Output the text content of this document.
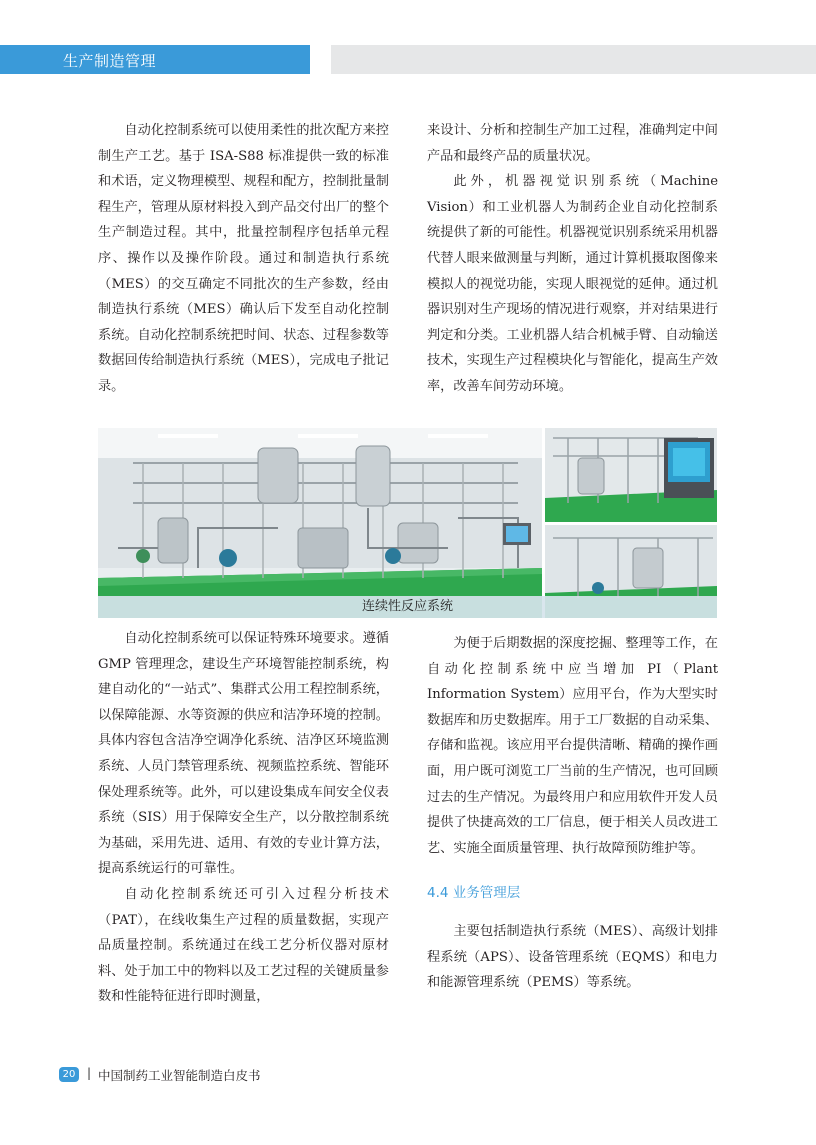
生产制造管理

自动化控制系统可以使用柔性的批次配方来控制生产工艺。基于 ISA-S88 标准提供一致的标准和术语，定义物理模型、规程和配方，控制批量制程生产，管理从原材料投入到产品交付出厂的整个生产制造过程。其中，批量控制程序包括单元程序、操作以及操作阶段。通过和制造执行系统（MES）的交互确定不同批次的生产参数，经由制造执行系统（MES）确认后下发至自动化控制系统。自动化控制系统把时间、状态、过程参数等数据回传给制造执行系统（MES），完成电子批记录。

来设计、分析和控制生产加工过程，准确判定中间产品和最终产品的质量状况。

此外，机器视觉识别系统（Machine Vision）和工业机器人为制药企业自动化控制系统提供了新的可能性。机器视觉识别系统采用机器代替人眼来做测量与判断，通过计算机摄取图像来模拟人的视觉功能，实现人眼视觉的延伸。通过机器识别对生产现场的情况进行观察，并对结果进行判定和分类。工业机器人结合机械手臂、自动输送技术，实现生产过程模块化与智能化，提高生产效率，改善车间劳动环境。

连续性反应系统

自动化控制系统可以保证特殊环境要求。遵循 GMP 管理理念，建设生产环境智能控制系统，构建自动化的“一站式”、集群式公用工程控制系统，以保障能源、水等资源的供应和洁净环境的控制。具体内容包含洁净空调净化系统、洁净区环境监测系统、人员门禁管理系统、视频监控系统、智能环保处理系统等。此外，可以建设集成车间安全仪表系统（SIS）用于保障安全生产，以分散控制系统为基础，采用先进、适用、有效的专业计算方法，提高系统运行的可靠性。

自动化控制系统还可引入过程分析技术（PAT），在线收集生产过程的质量数据，实现产品质量控制。系统通过在线工艺分析仪器对原材料、处于加工中的物料以及工艺过程的关键质量参数和性能特征进行即时测量，

为便于后期数据的深度挖掘、整理等工作，在自动化控制系统中应当增加 PI（Plant Information System）应用平台，作为大型实时数据库和历史数据库。用于工厂数据的自动采集、存储和监视。该应用平台提供清晰、精确的操作画面，用户既可浏览工厂当前的生产情况，也可回顾过去的生产情况。为最终用户和应用软件开发人员提供了快捷高效的工厂信息，便于相关人员改进工艺、实施全面质量管理、执行故障预防维护等。

4.4 业务管理层

主要包括制造执行系统（MES）、高级计划排程系统（APS）、设备管理系统（EQMS）和电力和能源管理系统（PEMS）等系统。

20 | 中国制药工业智能制造白皮书
